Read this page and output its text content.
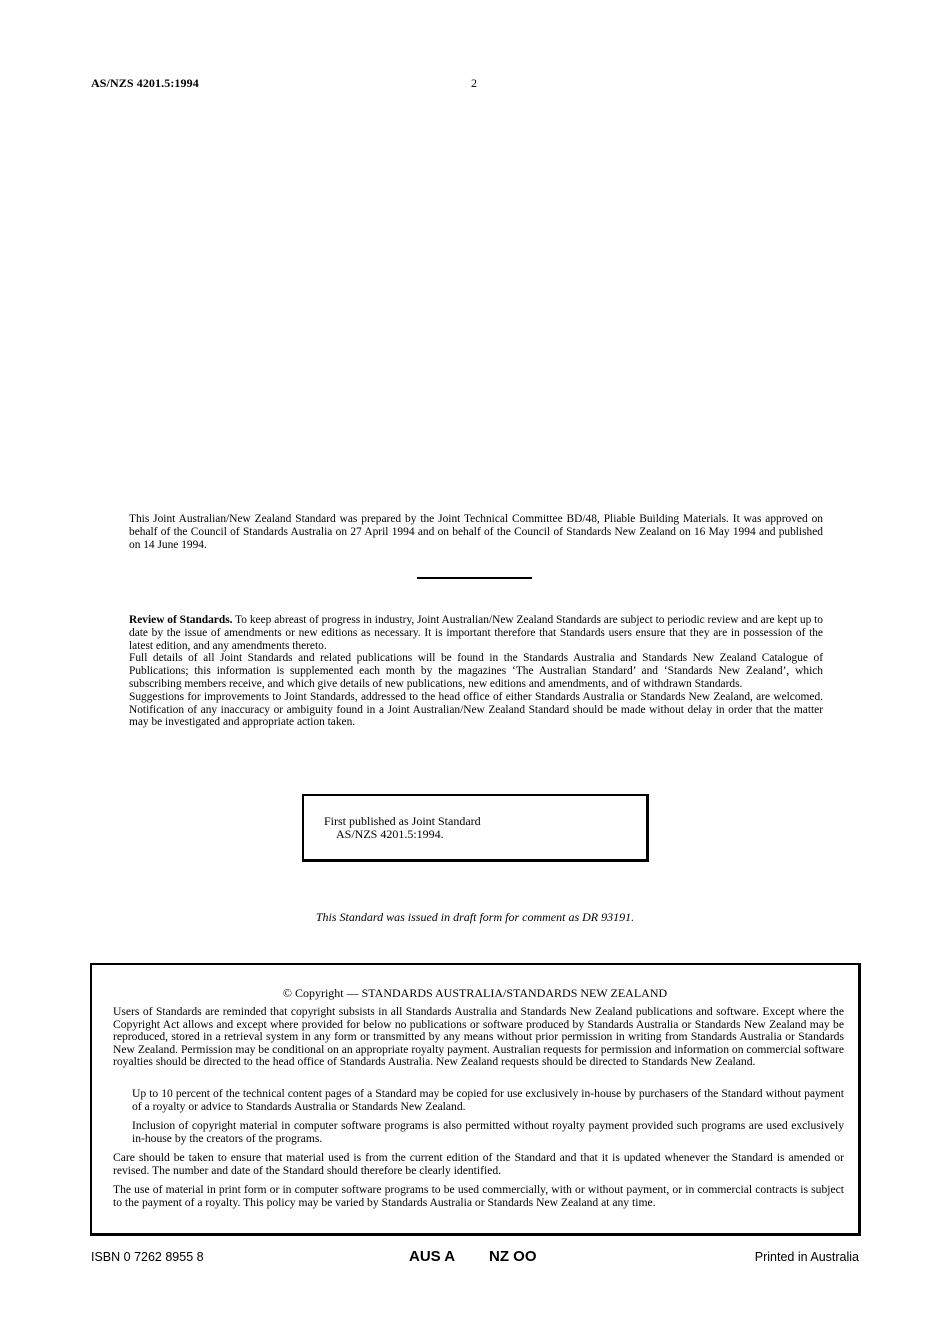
AS/NZS 4201.5:1994	2
This Joint Australian/New Zealand Standard was prepared by the Joint Technical Committee BD/48, Pliable Building Materials. It was approved on behalf of the Council of Standards Australia on 27 April 1994 and on behalf of the Council of Standards New Zealand on 16 May 1994 and published on 14 June 1994.

Review of Standards. To keep abreast of progress in industry, Joint Australian/New Zealand Standards are subject to periodic review and are kept up to date by the issue of amendments or new editions as necessary. It is important therefore that Standards users ensure that they are in possession of the latest edition, and any amendments thereto.

Full details of all Joint Standards and related publications will be found in the Standards Australia and Standards New Zealand Catalogue of Publications; this information is supplemented each month by the magazines ‘The Australian Standard’ and ‘Standards New Zealand’, which subscribing members receive, and which give details of new publications, new editions and amendments, and of withdrawn Standards.

Suggestions for improvements to Joint Standards, addressed to the head office of either Standards Australia or Standards New Zealand, are welcomed. Notification of any inaccuracy or ambiguity found in a Joint Australian/New Zealand Standard should be made without delay in order that the matter may be investigated and appropriate action taken.

First published as Joint Standard
AS/NZS 4201.5:1994.
This Standard was issued in draft form for comment as DR 93191.
© Copyright — STANDARDS AUSTRALIA/STANDARDS NEW ZEALAND

Users of Standards are reminded that copyright subsists in all Standards Australia and Standards New Zealand publications and software. Except where the Copyright Act allows and except where provided for below no publications or software produced by Standards Australia or Standards New Zealand may be reproduced, stored in a retrieval system in any form or transmitted by any means without prior permission in writing from Standards Australia or Standards New Zealand. Permission may be conditional on an appropriate royalty payment. Australian requests for permission and information on commercial software royalties should be directed to the head office of Standards Australia. New Zealand requests should be directed to Standards New Zealand.

Up to 10 percent of the technical content pages of a Standard may be copied for use exclusively in-house by purchasers of the Standard without payment of a royalty or advice to Standards Australia or Standards New Zealand.

Inclusion of copyright material in computer software programs is also permitted without royalty payment provided such programs are used exclusively in-house by the creators of the programs.

Care should be taken to ensure that material used is from the current edition of the Standard and that it is updated whenever the Standard is amended or revised. The number and date of the Standard should therefore be clearly identified.

The use of material in print form or in computer software programs to be used commercially, with or without payment, or in commercial contracts is subject to the payment of a royalty. This policy may be varied by Standards Australia or Standards New Zealand at any time.

ISBN 0 7262 8955 8	AUS A NZ OO	Printed in Australia
